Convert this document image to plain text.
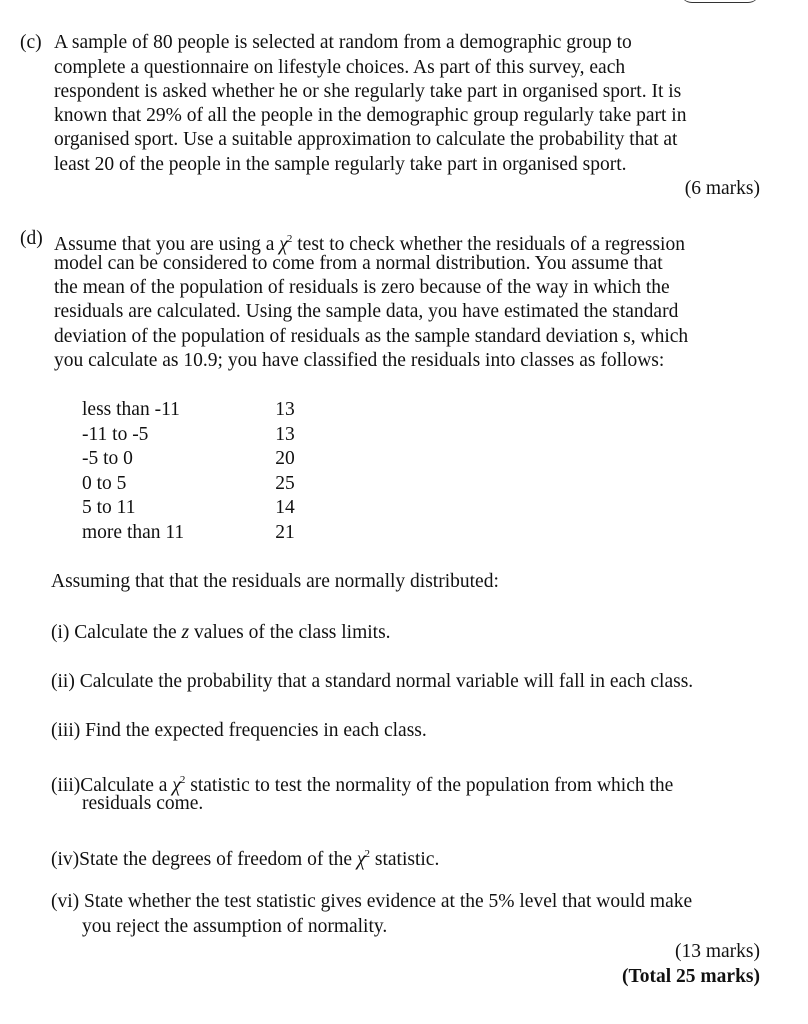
(c) A sample of 80 people is selected at random from a demographic group to
complete a questionnaire on lifestyle choices. As part of this survey, each
respondent is asked whether he or she regularly take part in organised sport. It is
known that 29% of all the people in the demographic group regularly take part in
organised sport. Use a suitable approximation to calculate the probability that at
least 20 of the people in the sample regularly take part in organised sport.
(6 marks)
(d) Assume that you are using a $\chi^2$ test to check whether the residuals of a regression
model can be considered to come from a normal distribution. You assume that
the mean of the population of residuals is zero because of the way in which the
residuals are calculated. Using the sample data, you have estimated the standard
deviation of the population of residuals as the sample standard deviation s, which
you calculate as 10.9; you have classified the residuals into classes as follows:
less than -11	13
-11 to -5	13
-5 to 0	20
0 to 5	25
5 to 11	14
more than 11	21
Assuming that that the residuals are normally distributed:
(i) Calculate the z values of the class limits.
(ii) Calculate the probability that a standard normal variable will fall in each class.
(iii) Find the expected frequencies in each class.
(iii)Calculate a $\chi^2$ statistic to test the normality of the population from which the
residuals come.
(iv)State the degrees of freedom of the $\chi^2$ statistic.
(vi) State whether the test statistic gives evidence at the 5% level that would make
you reject the assumption of normality.
(13 marks)
(Total 25 marks)
